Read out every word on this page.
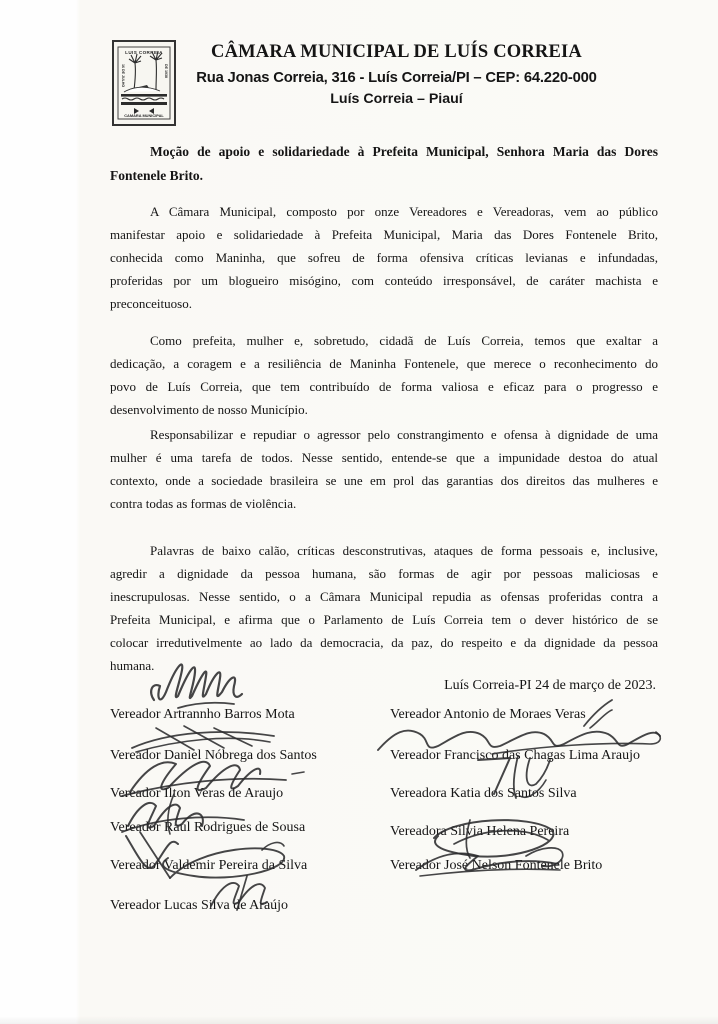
LUIS CORREIA
16 DE JULHO	DE 1938
CAMARA MUNICIPAL
CÂMARA MUNICIPAL DE LUÍS CORREIA
Rua Jonas Correia, 316 - Luís Correia/PI – CEP: 64.220-000
Luís Correia – Piauí
Moção de apoio e solidariedade à Prefeita Municipal, Senhora Maria das Dores
Fontenele Brito.
A Câmara Municipal, composto por onze Vereadores e Vereadoras, vem ao público
manifestar apoio e solidariedade à Prefeita Municipal, Maria das Dores Fontenele Brito,
conhecida como Maninha, que sofreu de forma ofensiva críticas levianas e infundadas,
proferidas por um blogueiro misógino, com conteúdo irresponsável, de caráter machista e
preconceituoso.
Como prefeita, mulher e, sobretudo, cidadã de Luís Correia, temos que exaltar a
dedicação, a coragem e a resiliência de Maninha Fontenele, que merece o reconhecimento do
povo de Luís Correia, que tem contribuído de forma valiosa e eficaz para o progresso e
desenvolvimento de nosso Município.
Responsabilizar e repudiar o agressor pelo constrangimento e ofensa à dignidade de uma
mulher é uma tarefa de todos. Nesse sentido, entende-se que a impunidade destoa do atual
contexto, onde a sociedade brasileira se une em prol das garantias dos direitos das mulheres e
contra todas as formas de violência.
Palavras de baixo calão, críticas desconstrutivas, ataques de forma pessoais e, inclusive,
agredir a dignidade da pessoa humana, são formas de agir por pessoas maliciosas e
inescrupulosas. Nesse sentido, o a Câmara Municipal repudia as ofensas proferidas contra a
Prefeita Municipal, e afirma que o Parlamento de Luís Correia tem o dever histórico de se
colocar irredutivelmente ao lado da democracia, da paz, do respeito e da dignidade da pessoa
humana.
Luís Correia-PI 24 de março de 2023.
Vereador Artrannho Barros Mota
Vereador Daniel Nóbrega dos Santos
Vereador Ilton Veras de Araujo
Vereador Raul Rodrigues de Sousa
Vereador Valdemir Pereira da Silva
Vereador Lucas Silva de Araújo
Vereador Antonio de Moraes Veras
Vereador Francisco das Chagas Lima Araujo
Vereadora Katia dos Santos Silva
Vereadora Silvia Helena Pereira
Vereador José Nelson Fontenele Brito
